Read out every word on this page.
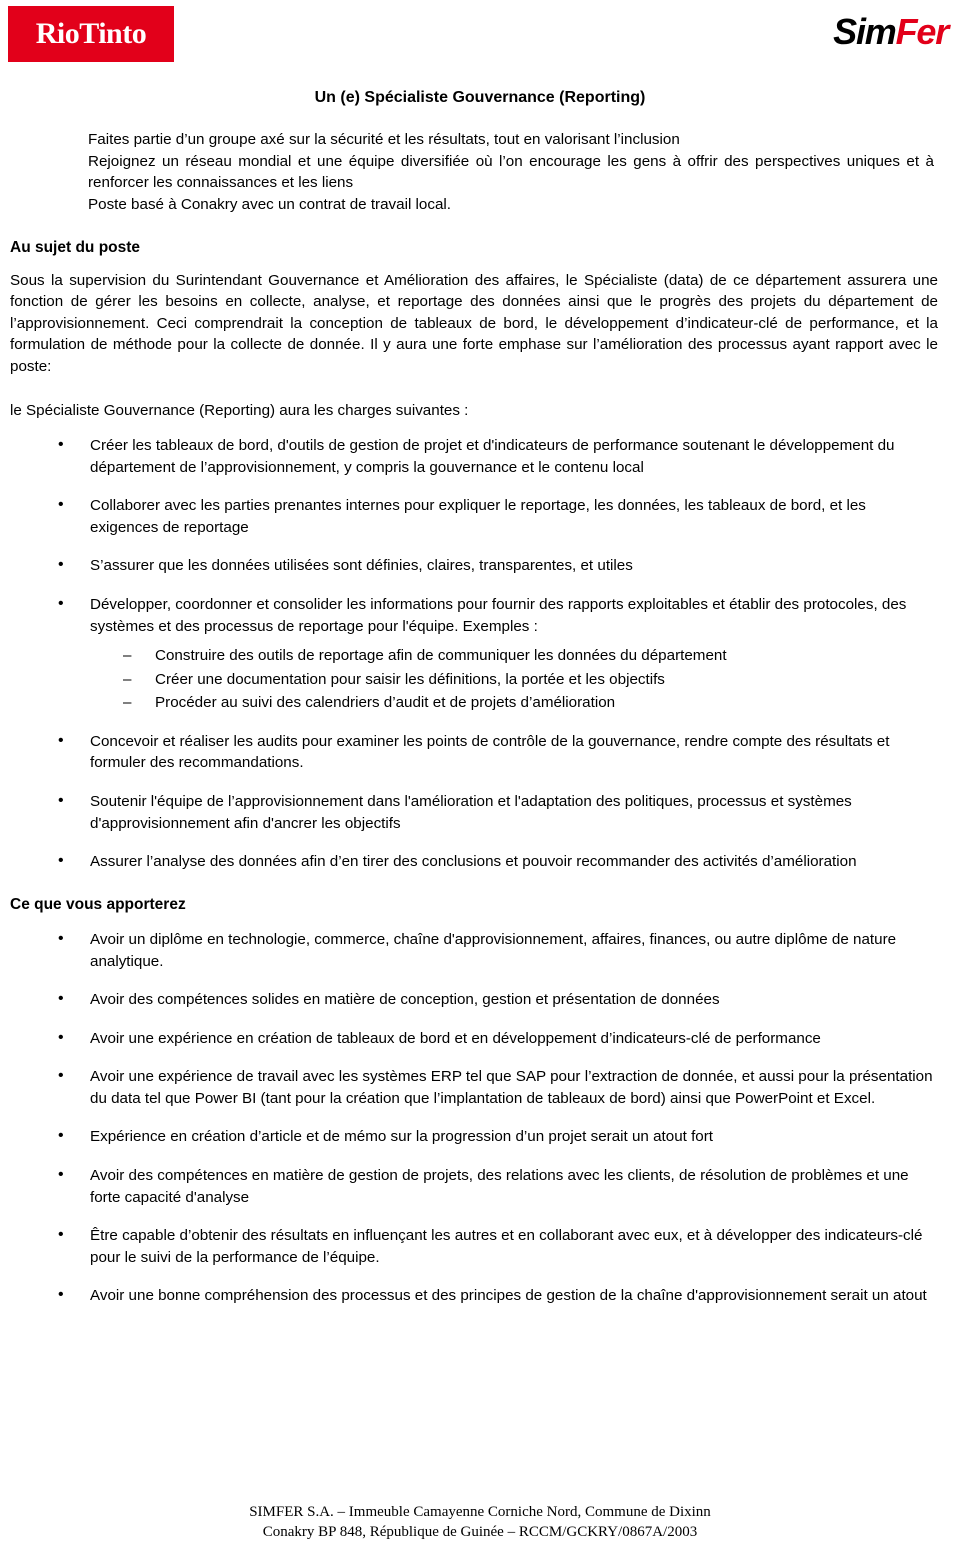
RioTinto	SimFer
Un (e) Spécialiste Gouvernance (Reporting)

Faites partie d’un groupe axé sur la sécurité et les résultats, tout en valorisant l’inclusion

Rejoignez un réseau mondial et une équipe diversifiée où l’on encourage les gens à offrir des perspectives uniques et à renforcer les connaissances et les liens

Poste basé à Conakry avec un contrat de travail local.

Au sujet du poste

Sous la supervision du Surintendant Gouvernance et Amélioration des affaires, le Spécialiste (data) de ce département assurera une fonction de gérer les besoins en collecte, analyse, et reportage des données ainsi que le progrès des projets du département de l’approvisionnement. Ceci comprendrait la conception de tableaux de bord, le développement d’indicateur-clé de performance, et la formulation de méthode pour la collecte de donnée. Il y aura une forte emphase sur l’amélioration des processus ayant rapport avec le poste:

le Spécialiste Gouvernance (Reporting) aura les charges suivantes :

• Créer les tableaux de bord, d'outils de gestion de projet et d'indicateurs de performance soutenant le développement du département de l’approvisionnement, y compris la gouvernance et le contenu local
• Collaborer avec les parties prenantes internes pour expliquer le reportage, les données, les tableaux de bord, et les exigences de reportage
• S’assurer que les données utilisées sont définies, claires, transparentes, et utiles
• Développer, coordonner et consolider les informations pour fournir des rapports exploitables et établir des protocoles, des systèmes et des processus de reportage pour l'équipe. Exemples :
– Construire des outils de reportage afin de communiquer les données du département
– Créer une documentation pour saisir les définitions, la portée et les objectifs
– Procéder au suivi des calendriers d’audit et de projets d’amélioration
• Concevoir et réaliser les audits pour examiner les points de contrôle de la gouvernance, rendre compte des résultats et formuler des recommandations.
• Soutenir l'équipe de l’approvisionnement dans l'amélioration et l'adaptation des politiques, processus et systèmes d'approvisionnement afin d'ancrer les objectifs
• Assurer l’analyse des données afin d’en tirer des conclusions et pouvoir recommander des activités d’amélioration
Ce que vous apporterez
• Avoir un diplôme en technologie, commerce, chaîne d'approvisionnement, affaires, finances, ou autre diplôme de nature analytique.
• Avoir des compétences solides en matière de conception, gestion et présentation de données
• Avoir une expérience en création de tableaux de bord et en développement d’indicateurs-clé de performance
• Avoir une expérience de travail avec les systèmes ERP tel que SAP pour l’extraction de donnée, et aussi pour la présentation du data tel que Power BI (tant pour la création que l’implantation de tableaux de bord) ainsi que PowerPoint et Excel.
• Expérience en création d’article et de mémo sur la progression d’un projet serait un atout fort
• Avoir des compétences en matière de gestion de projets, des relations avec les clients, de résolution de problèmes et une forte capacité d'analyse
• Être capable d’obtenir des résultats en influençant les autres et en collaborant avec eux, et à développer des indicateurs-clé pour le suivi de la performance de l’équipe.
• Avoir une bonne compréhension des processus et des principes de gestion de la chaîne d'approvisionnement serait un atout
SIMFER S.A. – Immeuble Camayenne Corniche Nord, Commune de Dixinn
Conakry BP 848, République de Guinée – RCCM/GCKRY/0867A/2003
